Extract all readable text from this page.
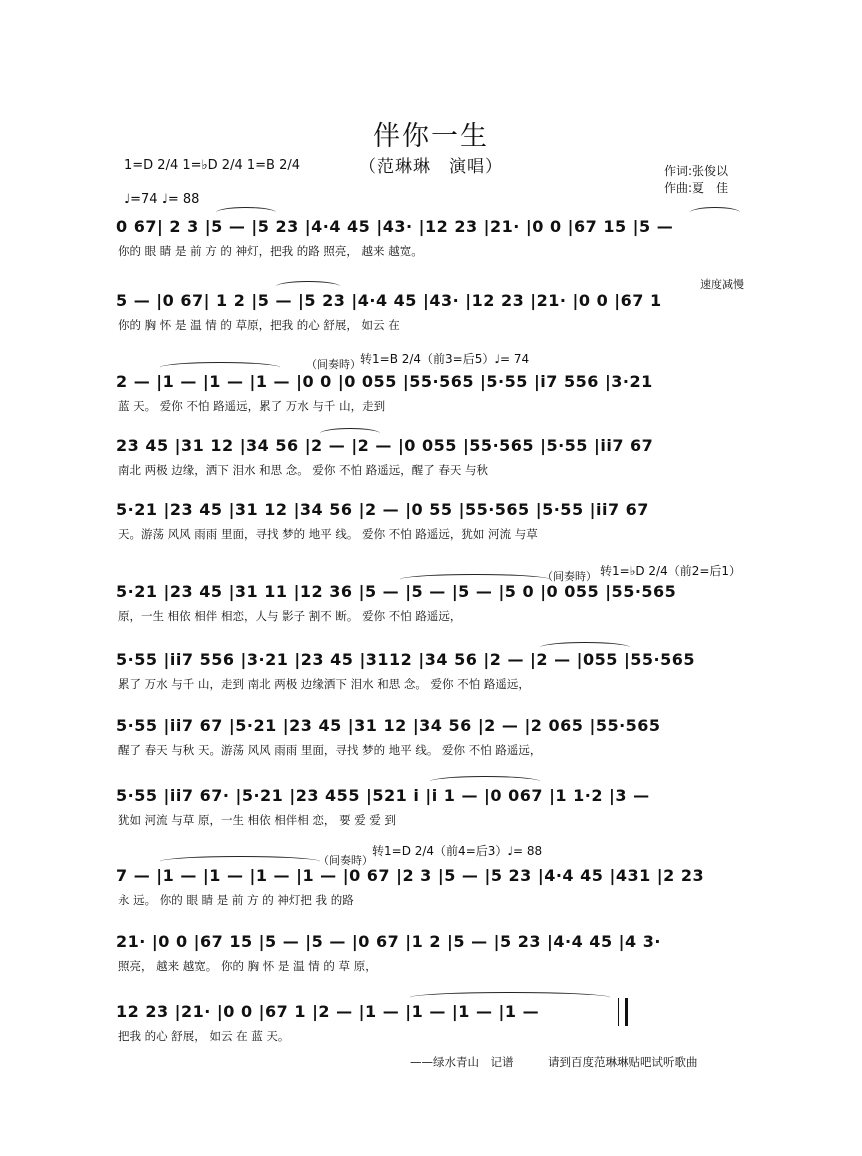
伴你一生
（范琳琳　演唱）
1=D 2/4 1=♭D 2/4 1=B 2/4
♩=74 ♩= 88
作词:张俊以
作曲:夏　佳
速度减慢
（间奏時） 转1=B 2/4（前3=后5）♩= 74
（间奏時） 转1=♭D 2/4（前2=后1）
（间奏時）
转1=D 2/4（前4=后3）♩= 88
0 67| 2 3 |5 — |5 23 |4·4 45 |43· |12 23 |21· |0 0 |67 15 |5 —
你的 眼 睛 是 前 方 的 神灯，把我 的路 照亮， 越来 越宽。
5 — |0 67| 1 2 |5 — |5 23 |4·4 45 |43· |12 23 |21· |0 0 |67 1
你的 胸 怀 是 温 情 的 草原，把我 的心 舒展， 如云 在
2 — |1 — |1 — |1 — |0 0 |0 055 |55·565 |5·55 |i7 556 |3·21
蓝 天。 爱你 不怕 路遥远，累了 万水 与千 山，走到
23 45 |31 12 |34 56 |2 — |2 — |0 055 |55·565 |5·55 |ii7 67
南北 两极 边缘，洒下 泪水 和思 念。 爱你 不怕 路遥远，醒了 春天 与秋
5·21 |23 45 |31 12 |34 56 |2 — |0 55 |55·565 |5·55 |ii7 67
天。游荡 风风 雨雨 里面，寻找 梦的 地平 线。 爱你 不怕 路遥远，犹如 河流 与草
5·21 |23 45 |31 11 |12 36 |5 — |5 — |5 — |5 0 |0 055 |55·565
原，一生 相依 相伴 相恋，人与 影子 割不 断。 爱你 不怕 路遥远，
5·55 |ii7 556 |3·21 |23 45 |3112 |34 56 |2 — |2 — |055 |55·565
累了 万水 与千 山，走到 南北 两极 边缘洒下 泪水 和思 念。 爱你 不怕 路遥远，
5·55 |ii7 67 |5·21 |23 45 |31 12 |34 56 |2 — |2 065 |55·565
醒了 春天 与秋 天。游荡 风风 雨雨 里面，寻找 梦的 地平 线。 爱你 不怕 路遥远，
5·55 |ii7 67· |5·21 |23 455 |521 i |i 1 — |0 067 |1 1·2 |3 —
犹如 河流 与草 原，一生 相依 相伴相 恋， 要 爱 爱 到
7 — |1 — |1 — |1 — |1 — |0 67 |2 3 |5 — |5 23 |4·4 45 |431 |2 23
永 远。 你的 眼 睛 是 前 方 的 神灯把 我 的路
21· |0 0 |67 15 |5 — |5 — |0 67 |1 2 |5 — |5 23 |4·4 45 |4 3·
照亮， 越来 越宽。 你的 胸 怀 是 温 情 的 草 原，
12 23 |21· |0 0 |67 1 |2 — |1 — |1 — |1 — |1 —
把我 的心 舒展， 如云 在 蓝 天。
——绿水青山　记谱　　　请到百度范琳琳贴吧试听歌曲
